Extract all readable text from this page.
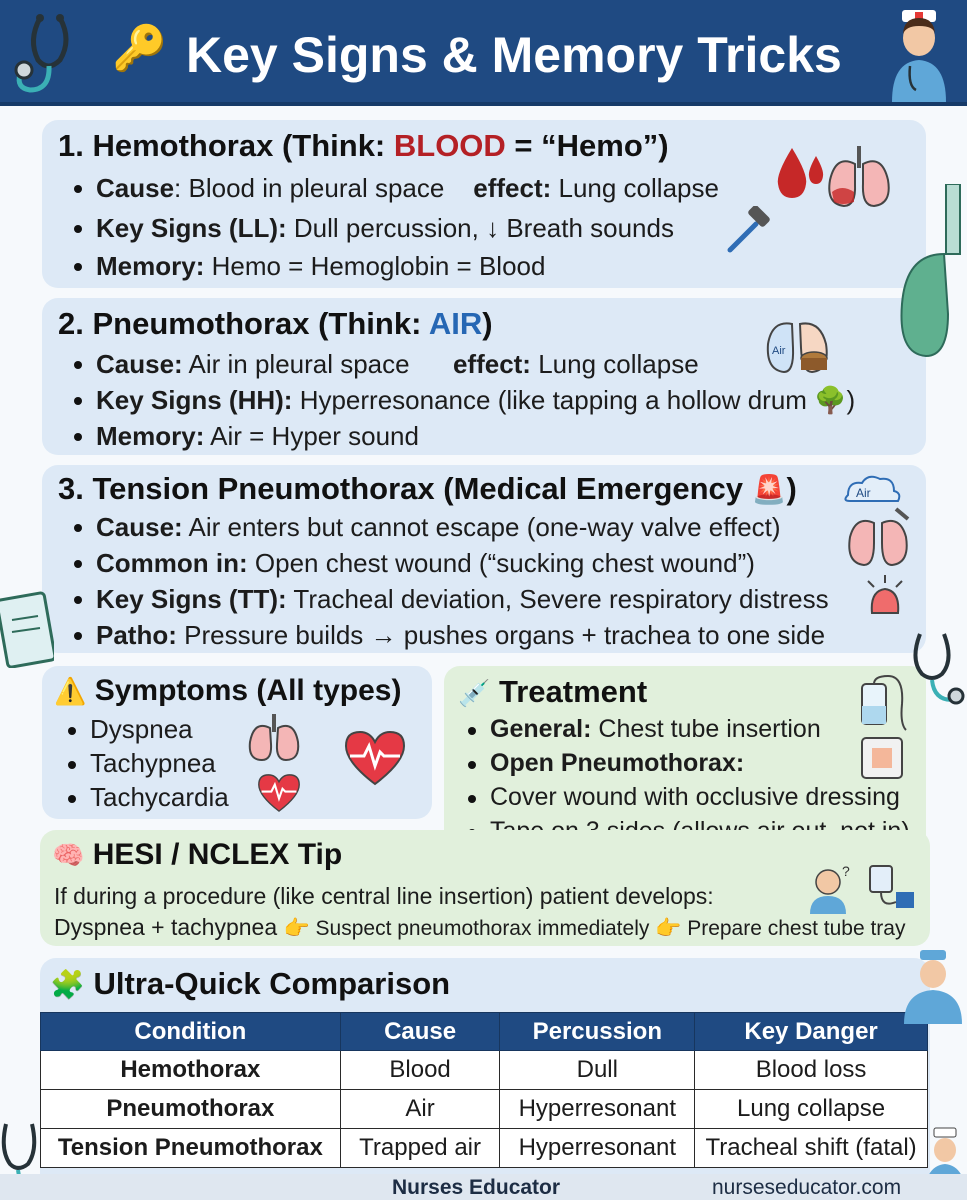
🔑 Key Signs & Memory Tricks
1. Hemothorax (Think: BLOOD = “Hemo”)
Cause: Blood in pleural space effect: Lung collapse
Key Signs (LL): Dull percussion, ↓ Breath sounds
Memory: Hemo = Hemoglobin = Blood
2. Pneumothorax (Think: AIR)
Cause: Air in pleural space effect: Lung collapse
Key Signs (HH): Hyperresonance (like tapping a hollow drum 🌳)
Memory: Air = Hyper sound
Air
3. Tension Pneumothorax (Medical Emergency 🚨)
Cause: Air enters but cannot escape (one-way valve effect)
Common in: Open chest wound (“sucking chest wound”)
Key Signs (TT): Tracheal deviation, Severe respiratory distress
Patho: Pressure builds → pushes organs + trachea to one side
Air
⚠️ Symptoms (All types)
Dyspnea
Tachypnea
Tachycardia
💉 Treatment
General: Chest tube insertion
Open Pneumothorax:
Cover wound with occlusive dressing
🧠 HESI / NCLEX Tip	?
If during a procedure (like central line insertion) patient develops:
Dyspnea + tachypnea 👉 Suspect pneumothorax immediately 👉 Prepare chest tube tray
🧩 Ultra-Quick Comparison
Condition	Cause	Percussion	Key Danger
Hemothorax	Blood	Dull	Blood loss
Pneumothorax	Air	Hyperresonant	Lung collapse
Tension Pneumothorax	Trapped air	Hyperresonant	Tracheal shift (fatal)
Nurses Educator	nurseseducator.com
